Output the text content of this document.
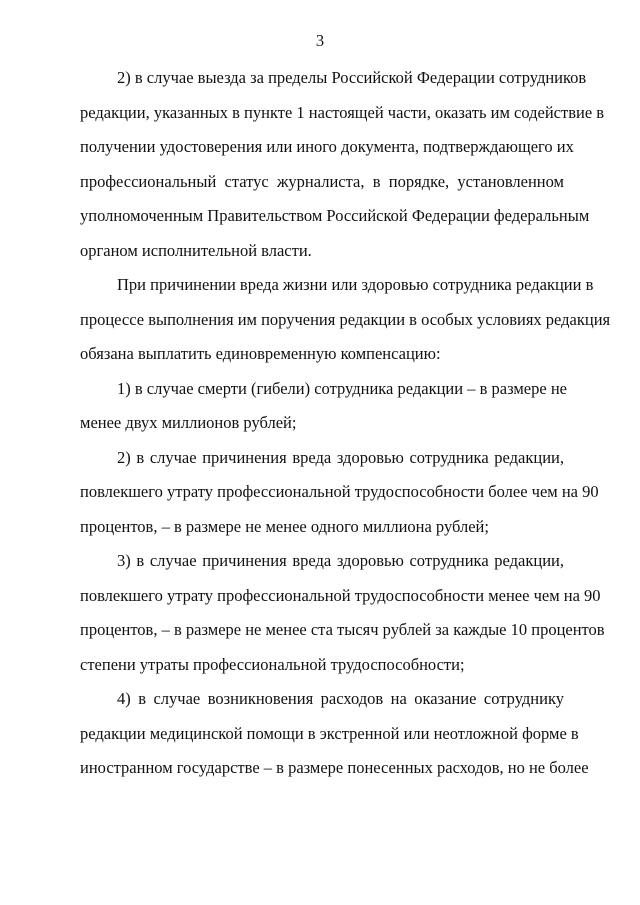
3
2) в случае выезда за пределы Российской Федерации сотрудников
редакции, указанных в пункте 1 настоящей части, оказать им содействие в
получении удостоверения или иного документа, подтверждающего их
профессиональный статус журналиста, в порядке, установленном
уполномоченным Правительством Российской Федерации федеральным
органом исполнительной власти.
При причинении вреда жизни или здоровью сотрудника редакции в
процессе выполнения им поручения редакции в особых условиях редакция
обязана выплатить единовременную компенсацию:
1) в случае смерти (гибели) сотрудника редакции – в размере не
менее двух миллионов рублей;
2) в случае причинения вреда здоровью сотрудника редакции,
повлекшего утрату профессиональной трудоспособности более чем на 90
процентов, – в размере не менее одного миллиона рублей;
3) в случае причинения вреда здоровью сотрудника редакции,
повлекшего утрату профессиональной трудоспособности менее чем на 90
процентов, – в размере не менее ста тысяч рублей за каждые 10 процентов
степени утраты профессиональной трудоспособности;
4) в случае возникновения расходов на оказание сотруднику
редакции медицинской помощи в экстренной или неотложной форме в
иностранном государстве – в размере понесенных расходов, но не более
